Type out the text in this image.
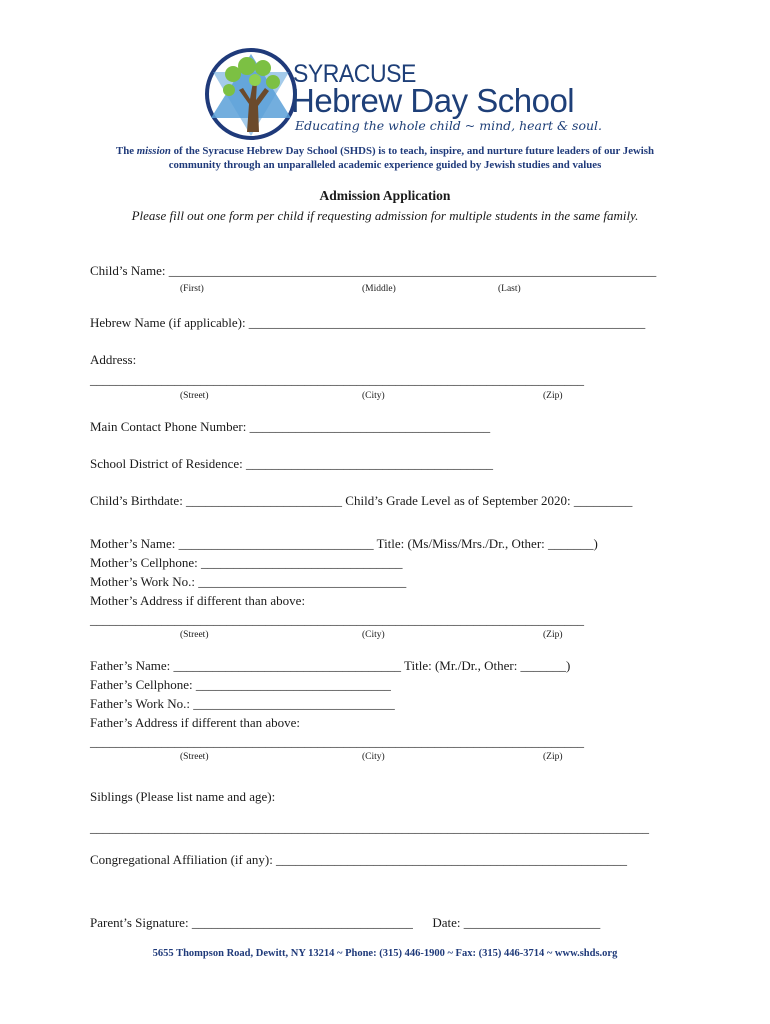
SYRACUSE
Hebrew Day School
Educating the whole child ~ mind, heart & soul.
The mission of the Syracuse Hebrew Day School (SHDS) is to teach, inspire, and nurture future leaders of our Jewish
community through an unparalleled academic experience guided by Jewish studies and values
Admission Application
Please fill out one form per child if requesting admission for multiple students in the same family.
Child’s Name: ___________________________________________________________________________
(First)	(Middle)	(Last)
Hebrew Name (if applicable): _____________________________________________________________
Address:
____________________________________________________________________________
(Street)	(City)	(Zip)
Main Contact Phone Number: _____________________________________
School District of Residence: ______________________________________
Child’s Birthdate: ________________________ Child’s Grade Level as of September 2020: _________
Mother’s Name: ______________________________ Title: (Ms/Miss/Mrs./Dr., Other: _______)
Mother’s Cellphone: _______________________________
Mother’s Work No.: ________________________________
Mother’s Address if different than above:
____________________________________________________________________________
(Street)	(City)	(Zip)
Father’s Name: ___________________________________ Title: (Mr./Dr., Other: _______)
Father’s Cellphone: ______________________________
Father’s Work No.: _______________________________
Father’s Address if different than above:
____________________________________________________________________________
(Street)	(City)	(Zip)
Siblings (Please list name and age):
______________________________________________________________________________________
Congregational Affiliation (if any): ______________________________________________________
Parent’s Signature: __________________________________      Date: _____________________
5655 Thompson Road, Dewitt, NY 13214 ~ Phone: (315) 446-1900 ~ Fax: (315) 446-3714 ~ www.shds.org
